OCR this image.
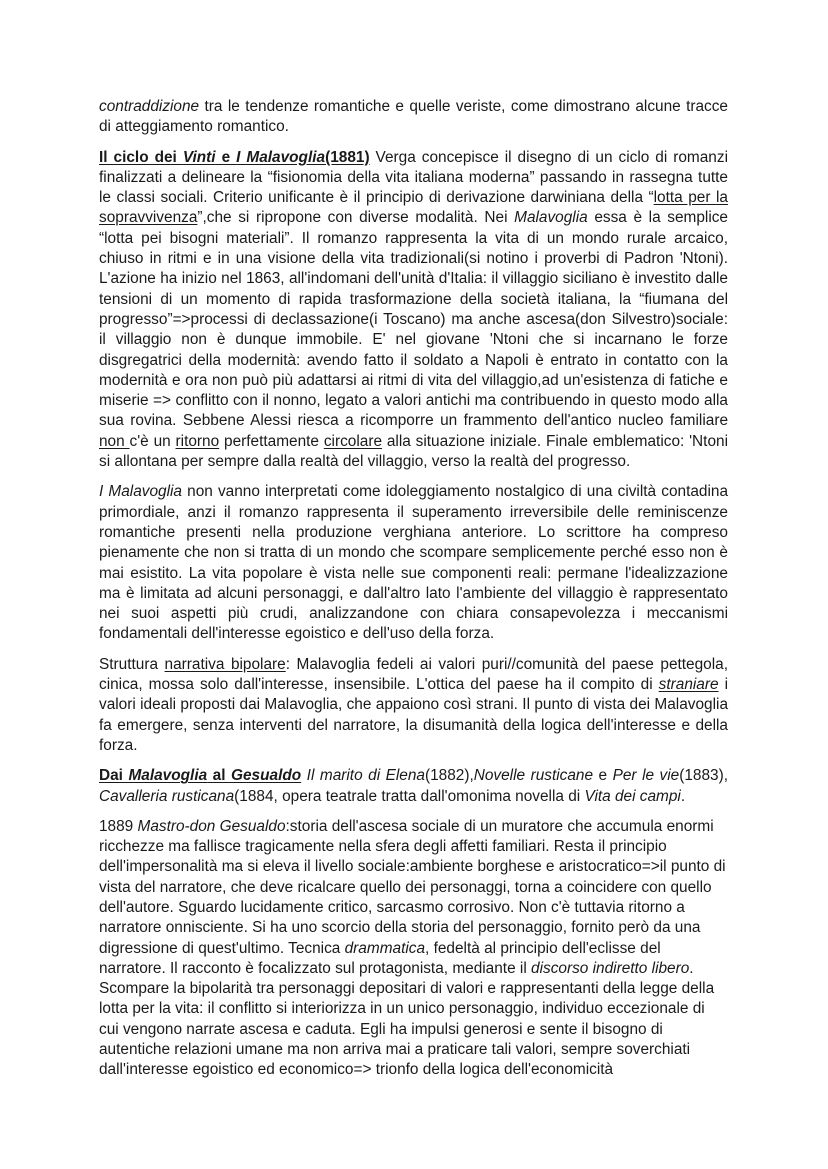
contraddizione tra le tendenze romantiche e quelle veriste, come dimostrano alcune tracce di atteggiamento romantico.

Il ciclo dei Vinti e I Malavoglia(1881) Verga concepisce il disegno di un ciclo di romanzi finalizzati a delineare la “fisionomia della vita italiana moderna” passando in rassegna tutte le classi sociali. Criterio unificante è il principio di derivazione darwiniana della “lotta per la sopravvivenza”,che si ripropone con diverse modalità. Nei Malavoglia essa è la semplice “lotta pei bisogni materiali”. Il romanzo rappresenta la vita di un mondo rurale arcaico, chiuso in ritmi e in una visione della vita tradizionali(si notino i proverbi di Padron 'Ntoni). L'azione ha inizio nel 1863, all'indomani dell'unità d'Italia: il villaggio siciliano è investito dalle tensioni di un momento di rapida trasformazione della società italiana, la “fiumana del progresso”=>processi di declassazione(i Toscano) ma anche ascesa(don Silvestro)sociale: il villaggio non è dunque immobile. E' nel giovane 'Ntoni che si incarnano le forze disgregatrici della modernità: avendo fatto il soldato a Napoli è entrato in contatto con la modernità e ora non può più adattarsi ai ritmi di vita del villaggio,ad un'esistenza di fatiche e miserie => conflitto con il nonno, legato a valori antichi ma contribuendo in questo modo alla sua rovina. Sebbene Alessi riesca a ricomporre un frammento dell'antico nucleo familiare non c'è un ritorno perfettamente circolare alla situazione iniziale. Finale emblematico: 'Ntoni si allontana per sempre dalla realtà del villaggio, verso la realtà del progresso.

I Malavoglia non vanno interpretati come idoleggiamento nostalgico di una civiltà contadina primordiale, anzi il romanzo rappresenta il superamento irreversibile delle reminiscenze romantiche presenti nella produzione verghiana anteriore. Lo scrittore ha compreso pienamente che non si tratta di un mondo che scompare semplicemente perché esso non è mai esistito. La vita popolare è vista nelle sue componenti reali: permane l'idealizzazione ma è limitata ad alcuni personaggi, e dall'altro lato l'ambiente del villaggio è rappresentato nei suoi aspetti più crudi, analizzandone con chiara consapevolezza i meccanismi fondamentali dell'interesse egoistico e dell'uso della forza.

Struttura narrativa bipolare: Malavoglia fedeli ai valori puri//comunità del paese pettegola, cinica, mossa solo dall'interesse, insensibile. L'ottica del paese ha il compito di straniare i valori ideali proposti dai Malavoglia, che appaiono così strani. Il punto di vista dei Malavoglia fa emergere, senza interventi del narratore, la disumanità della logica dell'interesse e della forza.

Dai Malavoglia al Gesualdo Il marito di Elena(1882),Novelle rusticane e Per le vie(1883), Cavalleria rusticana(1884, opera teatrale tratta dall'omonima novella di Vita dei campi.

1889 Mastro-don Gesualdo:storia dell'ascesa sociale di un muratore che accumula enormi ricchezze ma fallisce tragicamente nella sfera degli affetti familiari. Resta il principio dell'impersonalità ma si eleva il livello sociale:ambiente borghese e aristocratico=>il punto di vista del narratore, che deve ricalcare quello dei personaggi, torna a coincidere con quello dell'autore. Sguardo lucidamente critico, sarcasmo corrosivo. Non c'è tuttavia ritorno a narratore onnisciente. Si ha uno scorcio della storia del personaggio, fornito però da una digressione di quest'ultimo. Tecnica drammatica, fedeltà al principio dell'eclisse del narratore. Il racconto è focalizzato sul protagonista, mediante il discorso indiretto libero. Scompare la bipolarità tra personaggi depositari di valori e rappresentanti della legge della lotta per la vita: il conflitto si interiorizza in un unico personaggio, individuo eccezionale di cui vengono narrate ascesa e caduta. Egli ha impulsi generosi e sente il bisogno di autentiche relazioni umane ma non arriva mai a praticare tali valori, sempre soverchiati dall'interesse egoistico ed economico=> trionfo della logica dell'economicità
